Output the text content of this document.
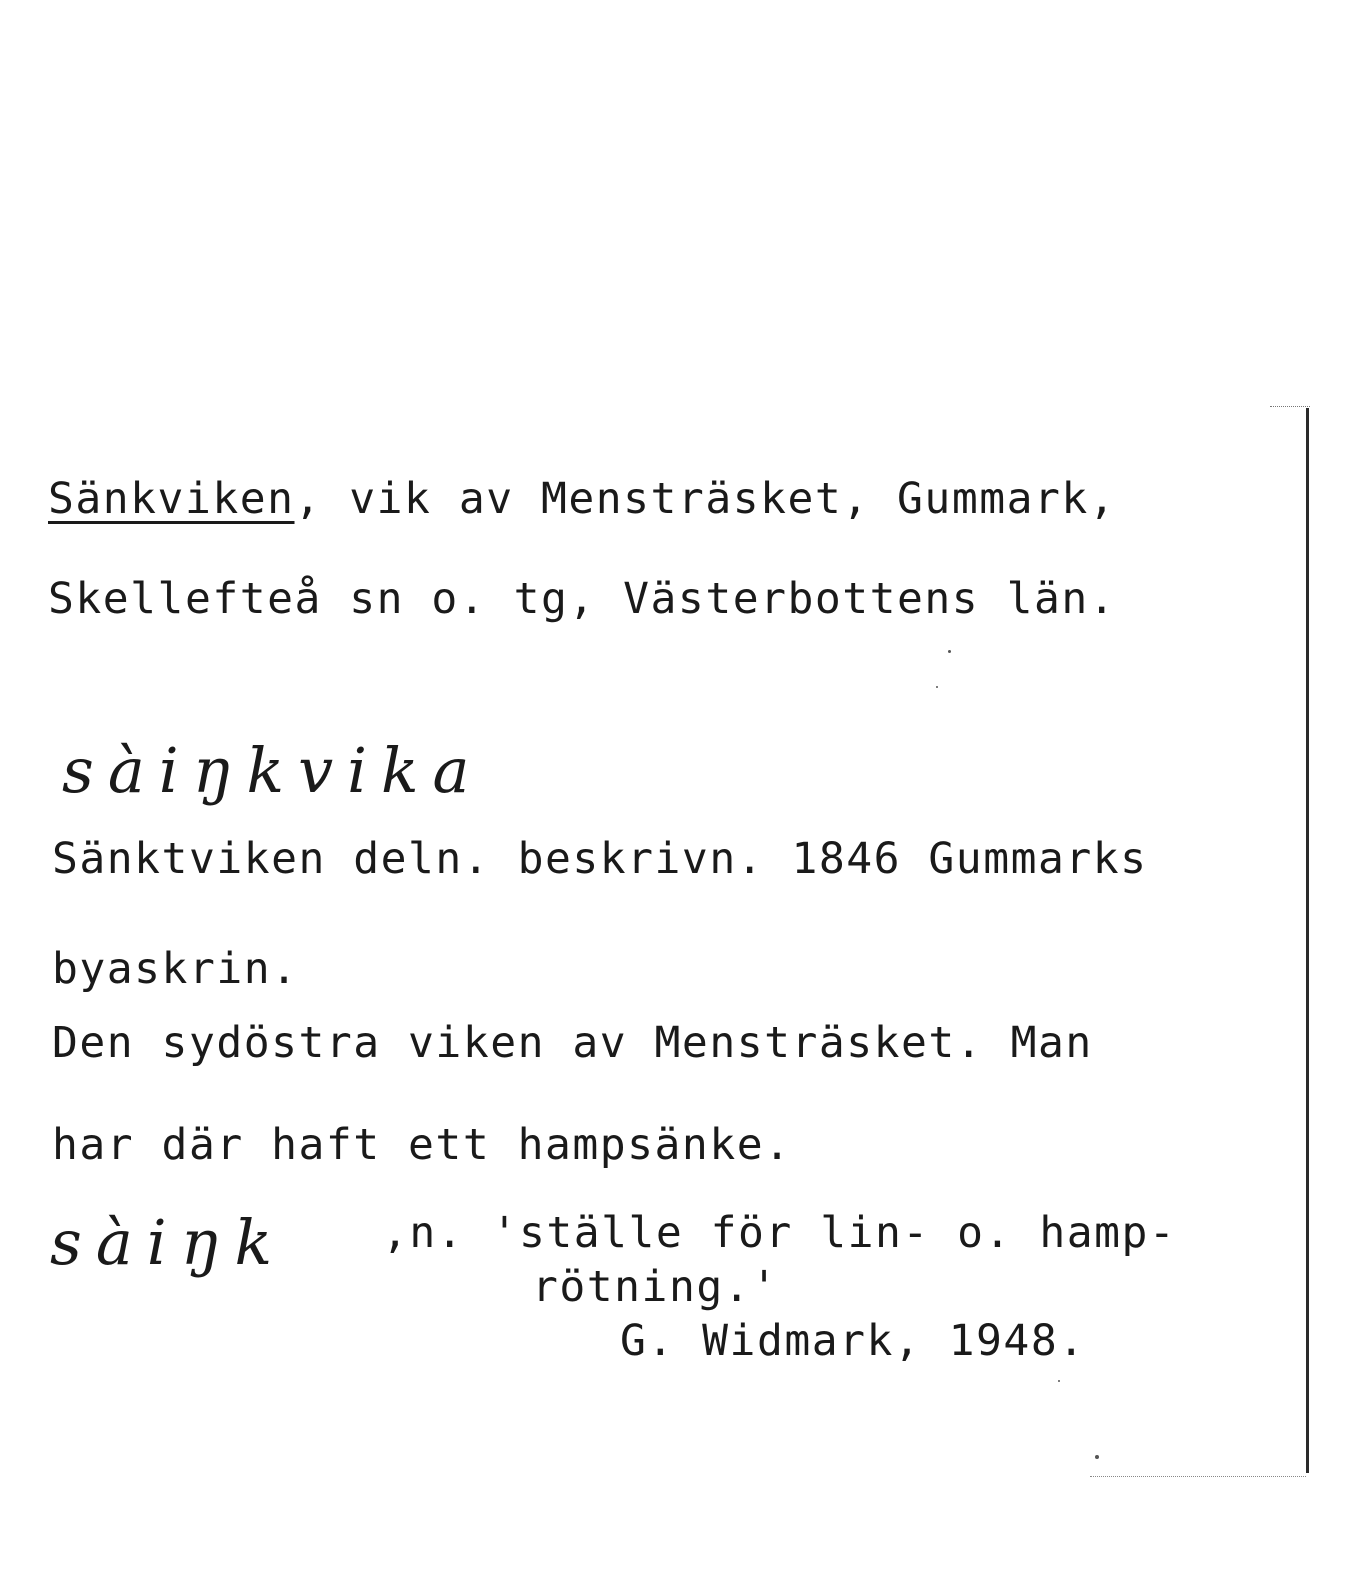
Sänkviken, vik av Mensträsket, Gummark,
Skellefteå sn o. tg, Västerbottens län.
sàiŋkvika
Sänktviken deln. beskrivn. 1846 Gummarks
byaskrin.
Den sydöstra viken av Mensträsket. Man
har där haft ett hampsänke.
sàiŋk ,n. 'ställe för lin- o. hamp-
rötning.'
G. Widmark, 1948.
